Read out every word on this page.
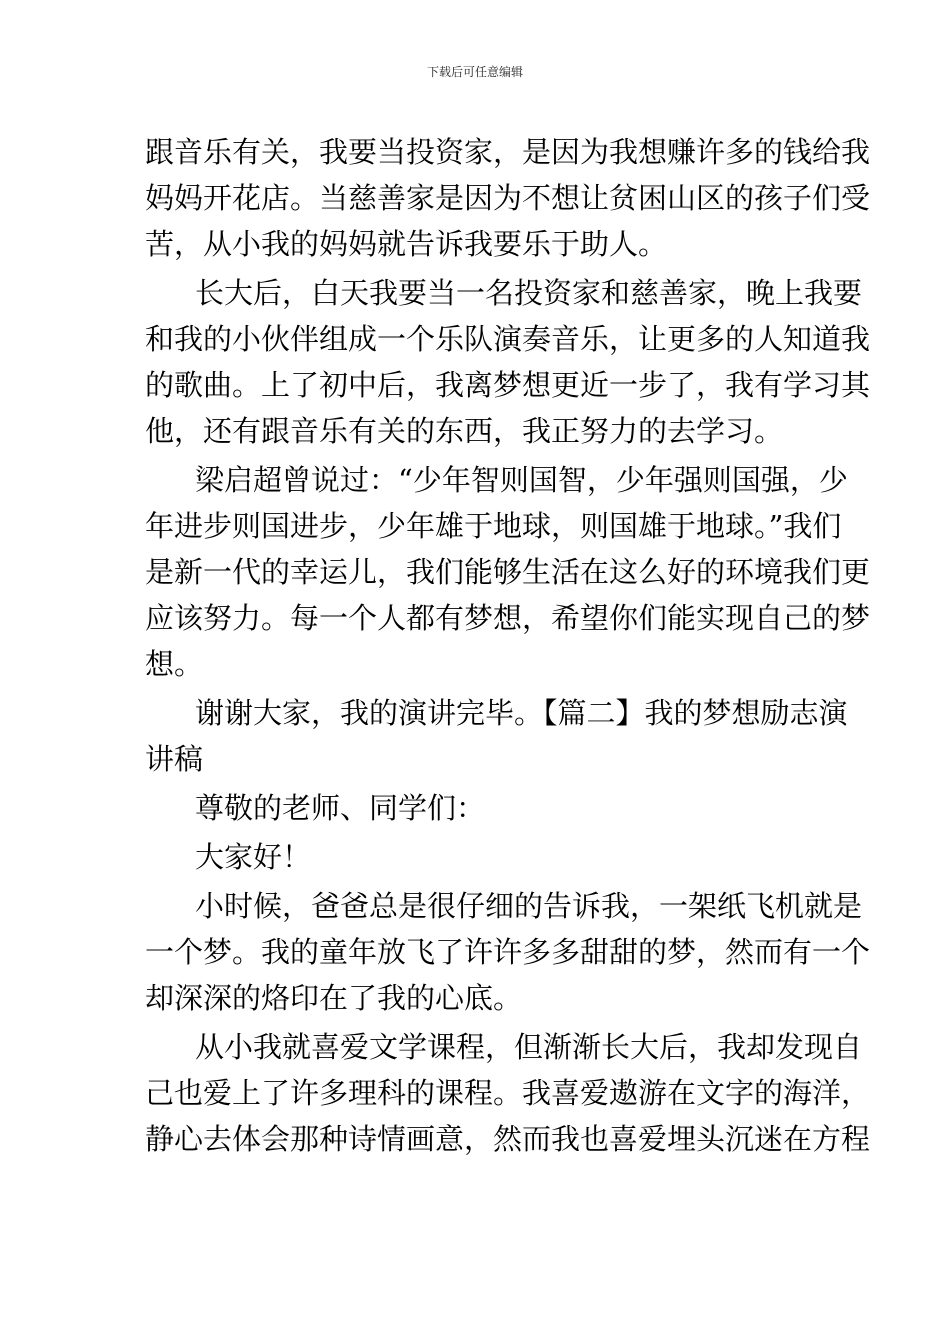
下载后可任意编辑
跟音乐有关，我要当投资家，是因为我想赚许多的钱给我
妈妈开花店。当慈善家是因为不想让贫困山区的孩子们受
苦，从小我的妈妈就告诉我要乐于助人。
长大后，白天我要当一名投资家和慈善家，晚上我要
和我的小伙伴组成一个乐队演奏音乐，让更多的人知道我
的歌曲。上了初中后，我离梦想更近一步了，我有学习其
他，还有跟音乐有关的东西，我正努力的去学习。
梁启超曾说过：“少年智则国智，少年强则国强，少
年进步则国进步，少年雄于地球，则国雄于地球。”我们
是新一代的幸运儿，我们能够生活在这么好的环境我们更
应该努力。每一个人都有梦想，希望你们能实现自己的梦
想。
谢谢大家，我的演讲完毕。【篇二】我的梦想励志演
讲稿
尊敬的老师、同学们：
大家好！
小时候，爸爸总是很仔细的告诉我，一架纸飞机就是
一个梦。我的童年放飞了许许多多甜甜的梦，然而有一个
却深深的烙印在了我的心底。
从小我就喜爱文学课程，但渐渐长大后，我却发现自
己也爱上了许多理科的课程。我喜爱遨游在文字的海洋，
静心去体会那种诗情画意，然而我也喜爱埋头沉迷在方程
